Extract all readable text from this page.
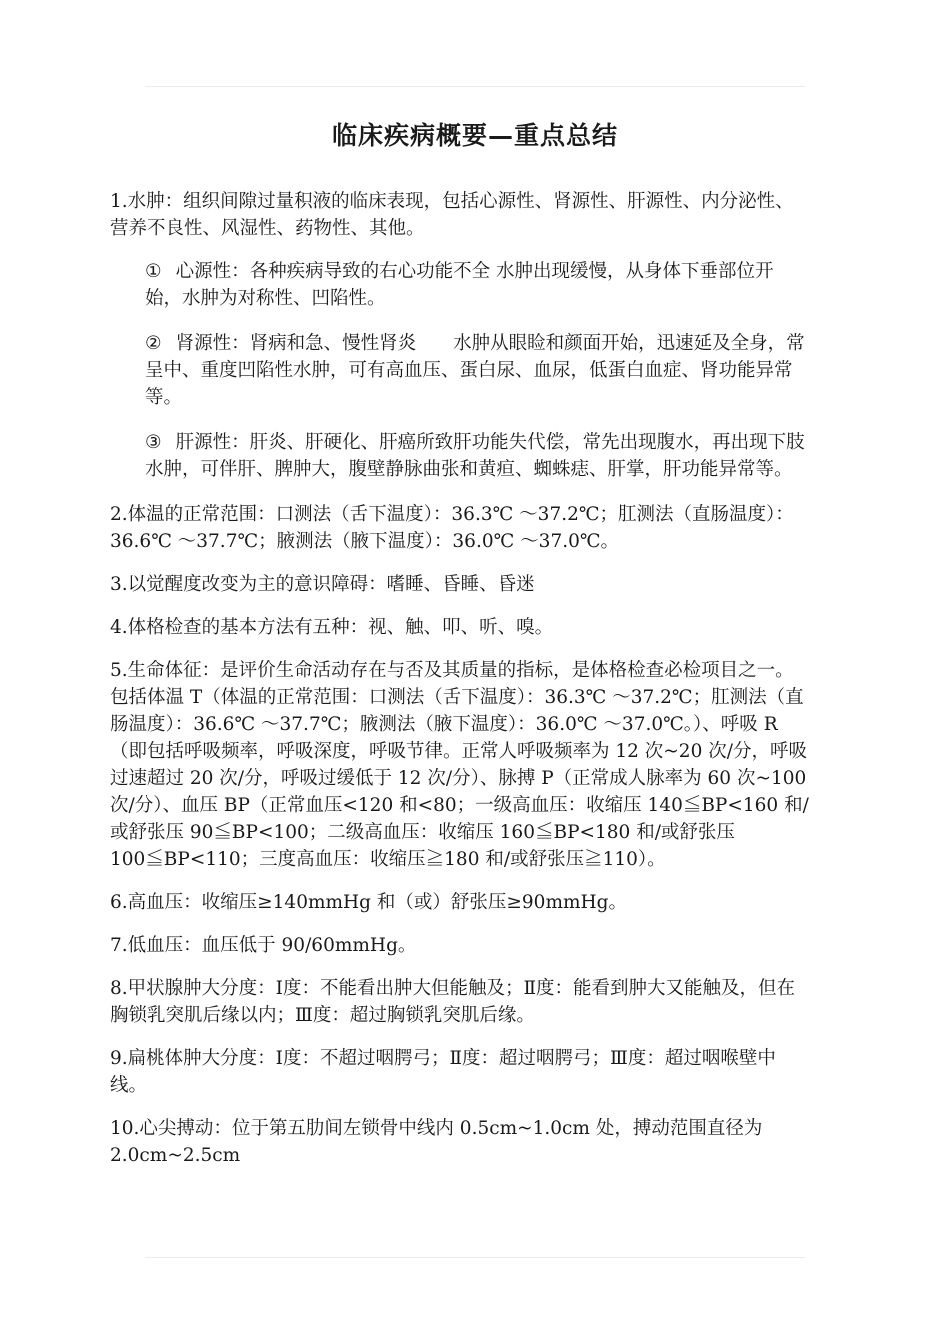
临床疾病概要—重点总结

1.水肿：组织间隙过量积液的临床表现，包括心源性、肾源性、肝源性、内分泌性、营养不良性、风湿性、药物性、其他。

① 心源性：各种疾病导致的右心功能不全 水肿出现缓慢，从身体下垂部位开始，水肿为对称性、凹陷性。

② 肾源性：肾病和急、慢性肾炎　　水肿从眼睑和颜面开始，迅速延及全身，常呈中、重度凹陷性水肿，可有高血压、蛋白尿、血尿，低蛋白血症、肾功能异常等。

③ 肝源性：肝炎、肝硬化、肝癌所致肝功能失代偿，常先出现腹水，再出现下肢水肿，可伴肝、脾肿大，腹壁静脉曲张和黄疸、蜘蛛痣、肝掌，肝功能异常等。

2.体温的正常范围：口测法（舌下温度）：36.3℃ ～37.2℃；肛测法（直肠温度）：36.6℃ ～37.7℃；腋测法（腋下温度）：36.0℃ ～37.0℃。

3.以觉醒度改变为主的意识障碍：嗜睡、昏睡、昏迷

4.体格检查的基本方法有五种：视、触、叩、听、嗅。

5.生命体征：是评价生命活动存在与否及其质量的指标，是体格检查必检项目之一。包括体温 T（体温的正常范围：口测法（舌下温度）：36.3℃ ～37.2℃；肛测法（直肠温度）：36.6℃ ～37.7℃；腋测法（腋下温度）：36.0℃ ～37.0℃。）、呼吸 R（即包括呼吸频率，呼吸深度，呼吸节律。正常人呼吸频率为 12 次~20 次/分，呼吸过速超过 20 次/分，呼吸过缓低于 12 次/分）、脉搏 P（正常成人脉率为 60 次~100 次/分）、血压 BP（正常血压<120 和<80；一级高血压：收缩压 140≦BP<160 和/或舒张压 90≦BP<100；二级高血压：收缩压 160≦BP<180 和/或舒张压 100≦BP<110；三度高血压：收缩压≧180 和/或舒张压≧110）。

6.高血压：收缩压≥140mmHg 和（或）舒张压≥90mmHg。

7.低血压：血压低于 90/60mmHg。

8.甲状腺肿大分度：Ⅰ度：不能看出肿大但能触及；Ⅱ度：能看到肿大又能触及，但在胸锁乳突肌后缘以内；Ⅲ度：超过胸锁乳突肌后缘。

9.扁桃体肿大分度：Ⅰ度：不超过咽腭弓；Ⅱ度：超过咽腭弓；Ⅲ度：超过咽喉壁中线。

10.心尖搏动：位于第五肋间左锁骨中线内 0.5cm~1.0cm 处，搏动范围直径为 2.0cm~2.5cm
